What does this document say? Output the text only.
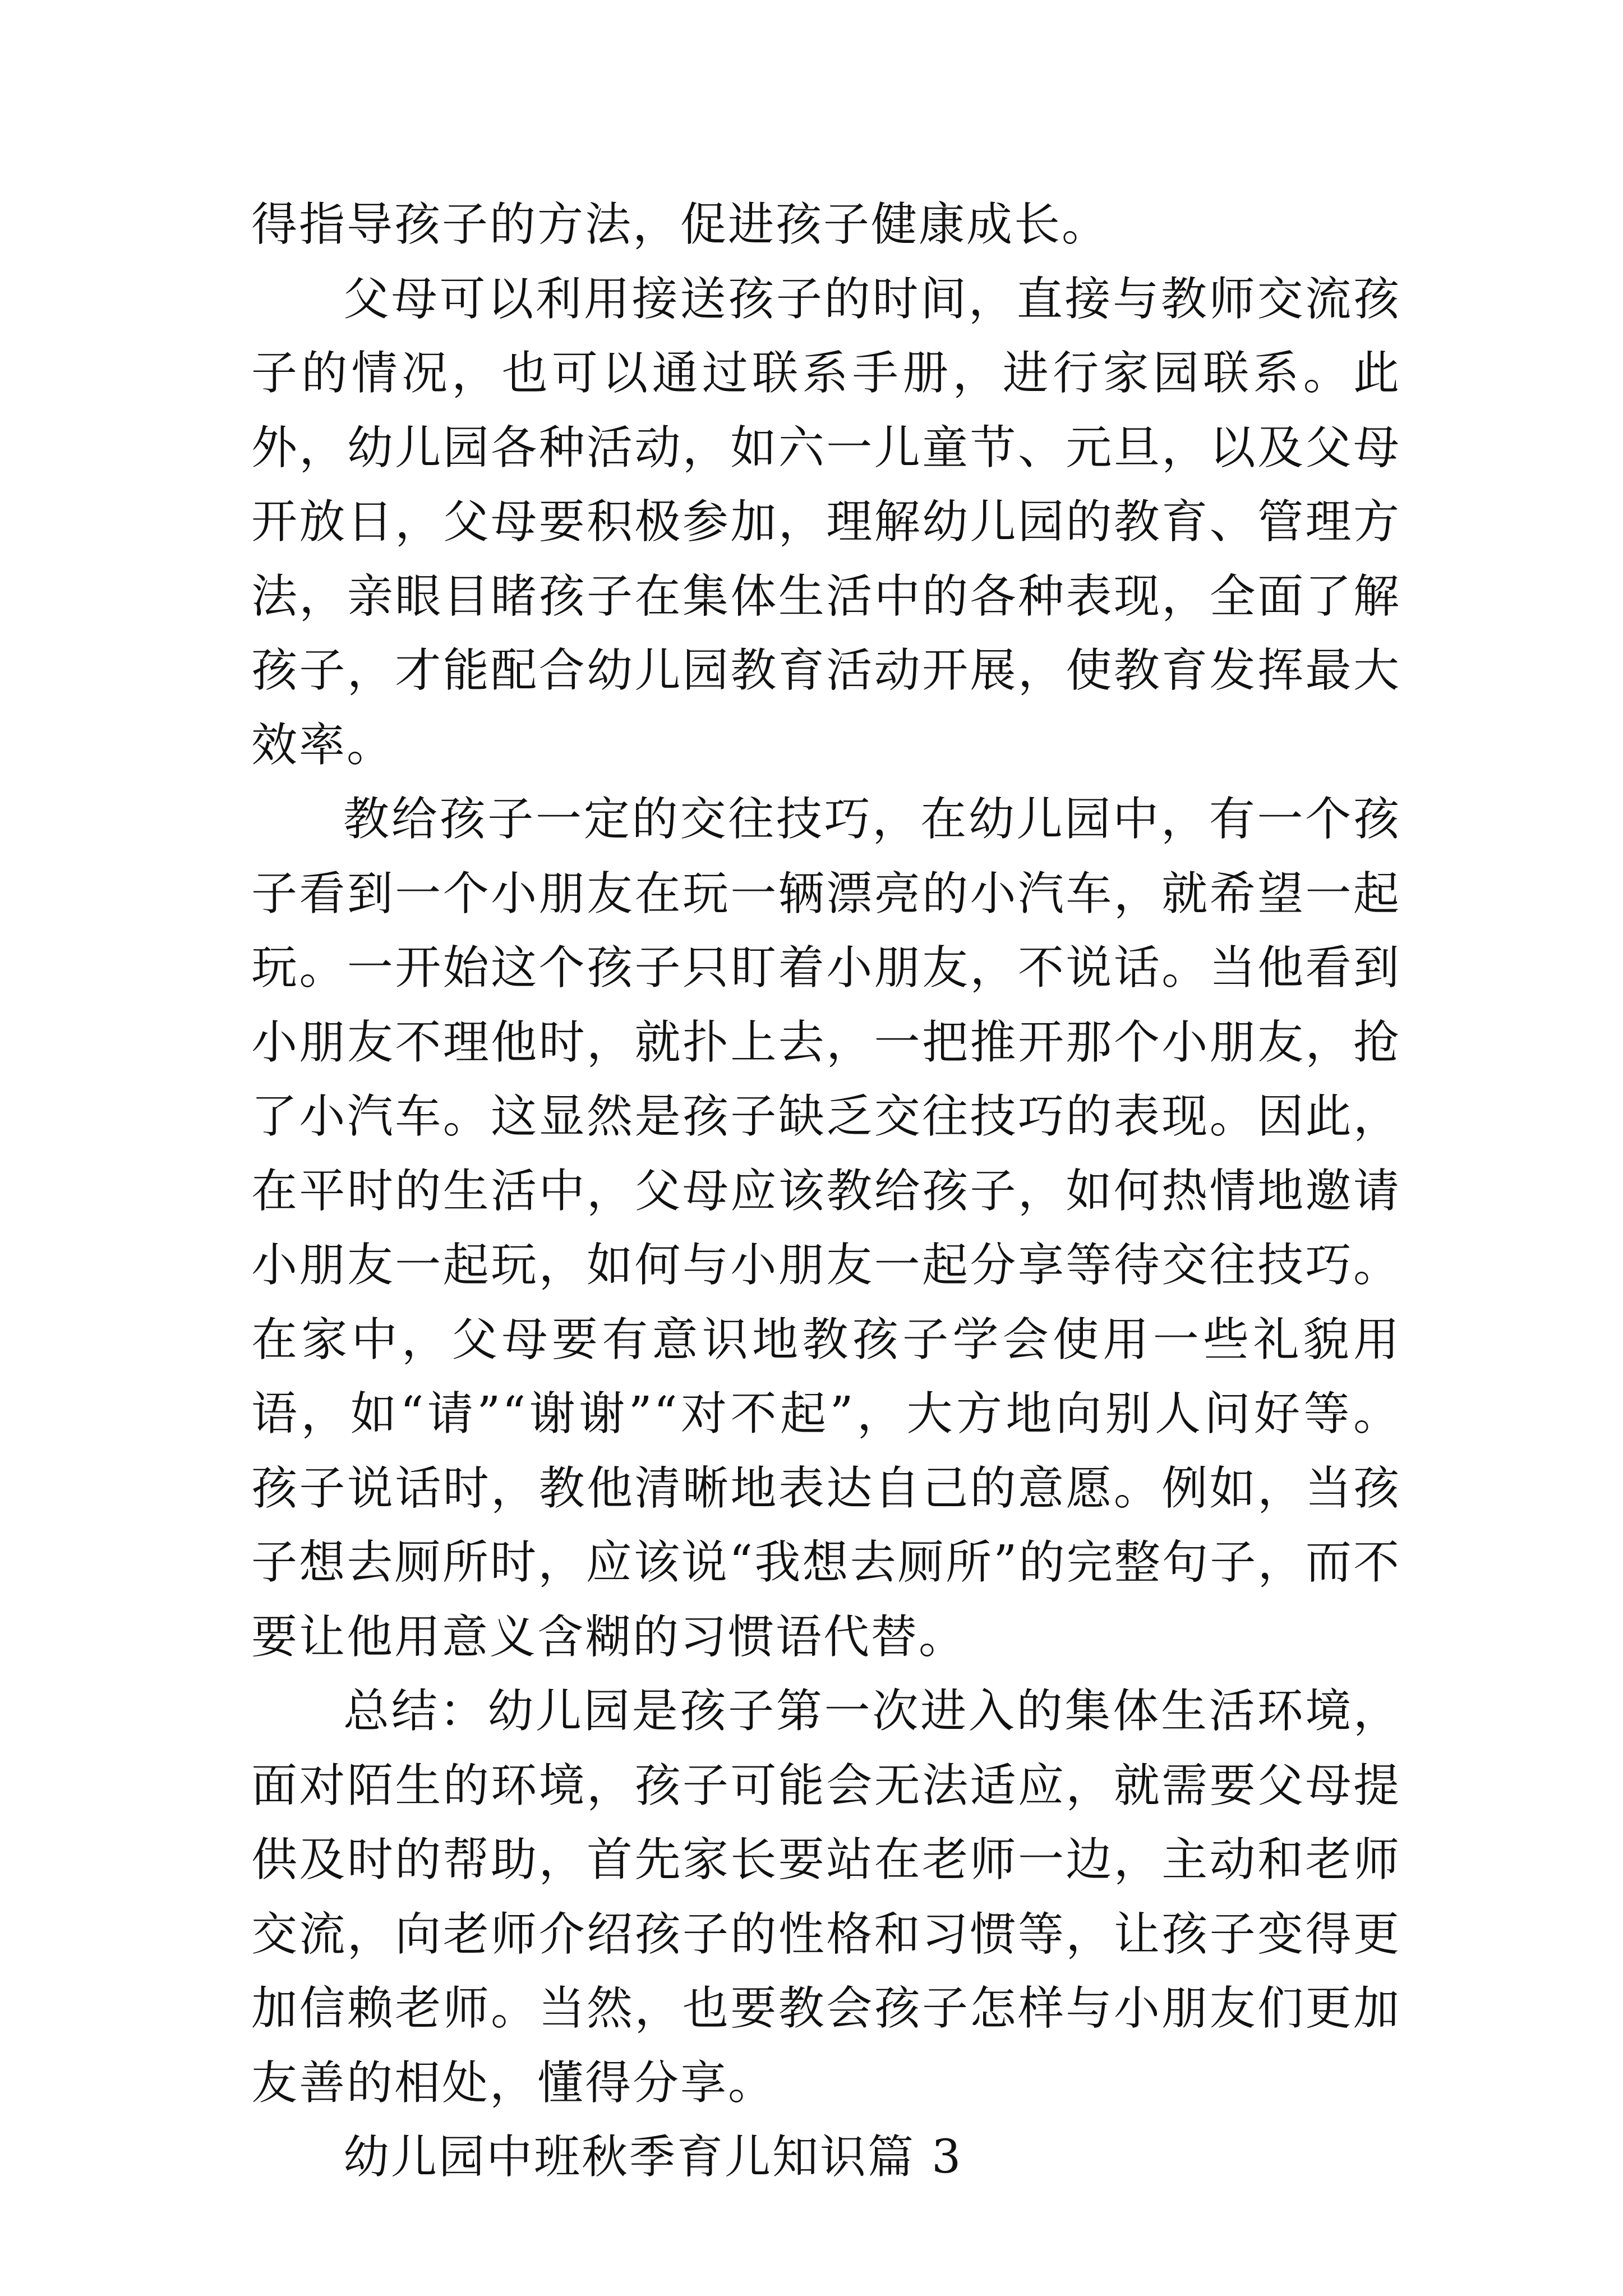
得指导孩子的方法，促进孩子健康成长。

父母可以利用接送孩子的时间，直接与教师交流孩子的情况，也可以通过联系手册，进行家园联系。此外，幼儿园各种活动，如六一儿童节、元旦，以及父母开放日，父母要积极参加，理解幼儿园的教育、管理方法，亲眼目睹孩子在集体生活中的各种表现，全面了解孩子，才能配合幼儿园教育活动开展，使教育发挥最大效率。

教给孩子一定的交往技巧，在幼儿园中，有一个孩子看到一个小朋友在玩一辆漂亮的小汽车，就希望一起玩。一开始这个孩子只盯着小朋友，不说话。当他看到小朋友不理他时，就扑上去，一把推开那个小朋友，抢了小汽车。这显然是孩子缺乏交往技巧的表现。因此，在平时的生活中，父母应该教给孩子，如何热情地邀请小朋友一起玩，如何与小朋友一起分享等待交往技巧。在家中，父母要有意识地教孩子学会使用一些礼貌用语，如“请”“谢谢”“对不起”，大方地向别人问好等。孩子说话时，教他清晰地表达自己的意愿。例如，当孩子想去厕所时，应该说“我想去厕所”的完整句子，而不要让他用意义含糊的习惯语代替。

总结：幼儿园是孩子第一次进入的集体生活环境，面对陌生的环境，孩子可能会无法适应，就需要父母提供及时的帮助，首先家长要站在老师一边，主动和老师交流，向老师介绍孩子的性格和习惯等，让孩子变得更加信赖老师。当然，也要教会孩子怎样与小朋友们更加友善的相处，懂得分享。

幼儿园中班秋季育儿知识篇 3
